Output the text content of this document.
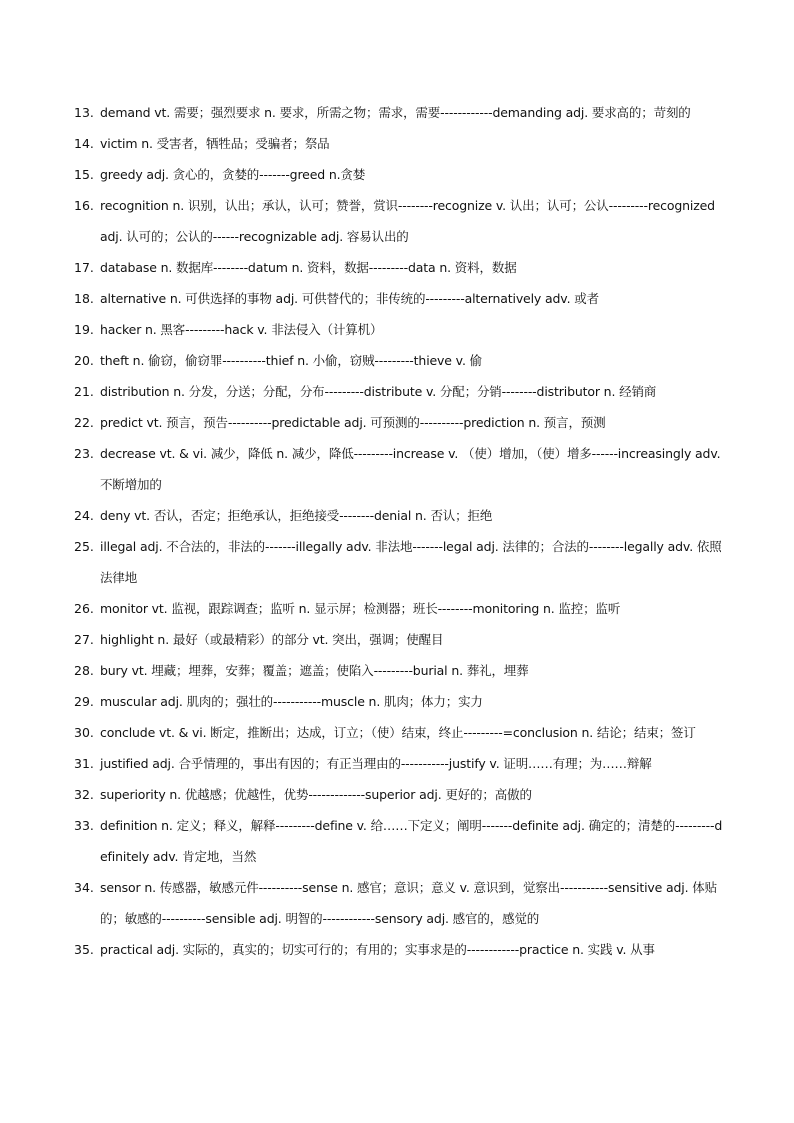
13. demand vt. 需要；强烈要求 n. 要求，所需之物；需求，需要------------demanding adj. 要求高的；苛刻的
14. victim n. 受害者，牺牲品；受骗者；祭品
15. greedy adj. 贪心的，贪婪的-------greed n.贪婪
16. recognition n. 识别，认出；承认，认可；赞誉，赏识--------recognize v. 认出；认可；公认---------recognized adj. 认可的；公认的------recognizable adj. 容易认出的
17. database n. 数据库--------datum n. 资料，数据---------data n. 资料，数据
18. alternative n. 可供选择的事物 adj. 可供替代的；非传统的---------alternatively adv. 或者
19. hacker n. 黑客---------hack v. 非法侵入（计算机）
20. theft n. 偷窃，偷窃罪----------thief n. 小偷，窃贼---------thieve v. 偷
21. distribution n. 分发，分送；分配，分布---------distribute v. 分配；分销--------distributor n. 经销商
22. predict vt. 预言，预告----------predictable adj. 可预测的----------prediction n. 预言，预测
23. decrease vt. & vi. 减少，降低 n. 减少，降低---------increase v. （使）增加，（使）增多------increasingly adv. 不断增加的
24. deny vt. 否认，否定；拒绝承认，拒绝接受--------denial n. 否认；拒绝
25. illegal adj. 不合法的，非法的-------illegally adv. 非法地-------legal adj. 法律的；合法的--------legally adv. 依照法律地
26. monitor vt. 监视，跟踪调查；监听 n. 显示屏；检测器；班长--------monitoring n. 监控；监听
27. highlight n. 最好（或最精彩）的部分 vt. 突出，强调；使醒目
28. bury vt. 埋藏；埋葬，安葬；覆盖；遮盖；使陷入---------burial n. 葬礼，埋葬
29. muscular adj. 肌肉的；强壮的-----------muscle n. 肌肉；体力；实力
30. conclude vt. & vi. 断定，推断出；达成，订立；（使）结束，终止---------=conclusion n. 结论；结束；签订
31. justified adj. 合乎情理的，事出有因的；有正当理由的-----------justify v. 证明……有理；为……辩解
32. superiority n. 优越感；优越性，优势-------------superior adj. 更好的；高傲的
33. definition n. 定义；释义，解释---------define v. 给……下定义；阐明-------definite adj. 确定的；清楚的---------definitely adv. 肯定地，当然
34. sensor n. 传感器，敏感元件----------sense n. 感官；意识；意义 v. 意识到，觉察出-----------sensitive adj. 体贴的；敏感的----------sensible adj. 明智的------------sensory adj. 感官的，感觉的
35. practical adj. 实际的，真实的；切实可行的；有用的；实事求是的------------practice n. 实践 v. 从事
